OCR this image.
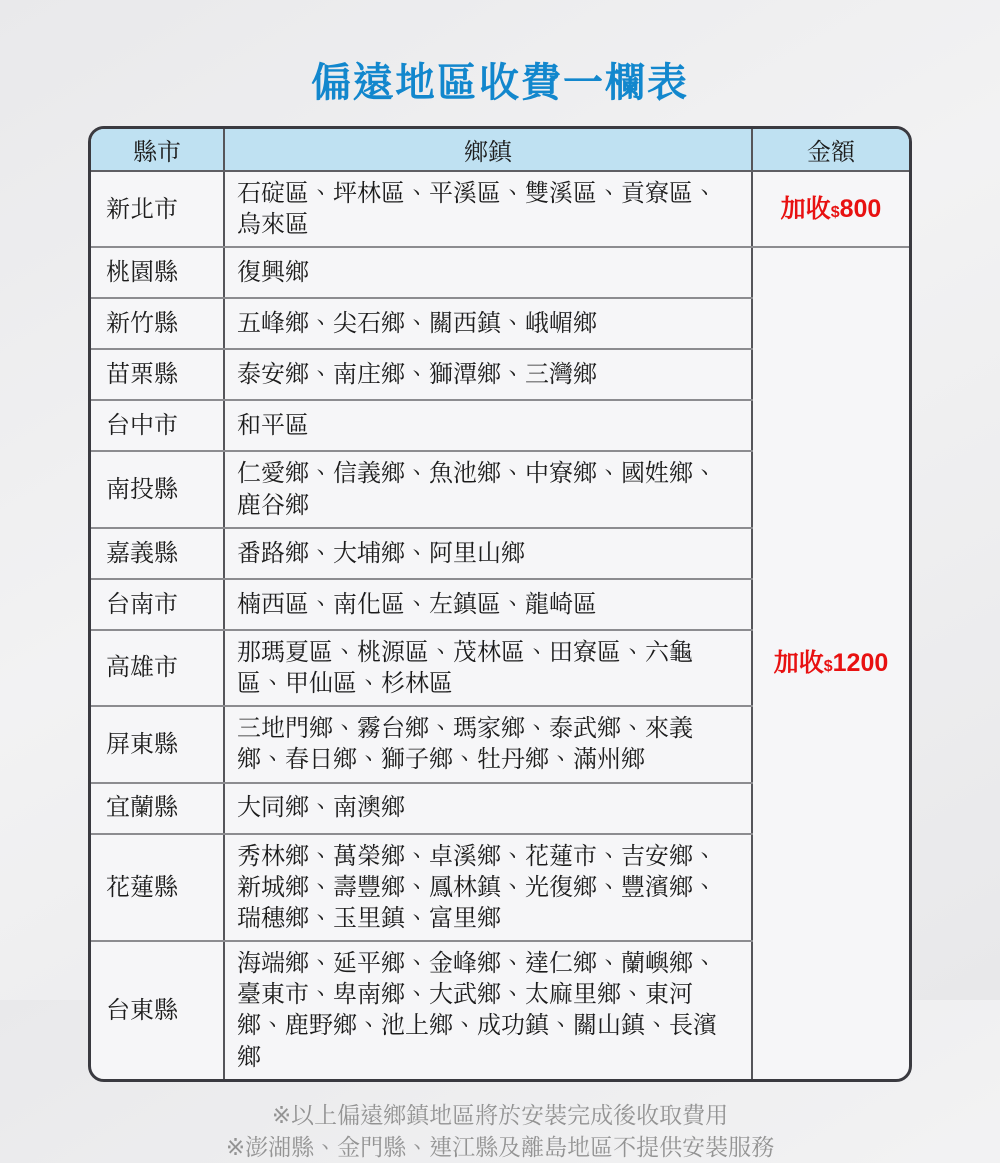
偏遠地區收費一欄表
縣市	鄉鎮	金額
新北市	石碇區、坪林區、平溪區、雙溪區、貢寮區、烏來區	加收$800
桃園縣	復興鄉	加收$1200
新竹縣	五峰鄉、尖石鄉、關西鎮、峨嵋鄉	
苗栗縣	泰安鄉、南庄鄉、獅潭鄉、三灣鄉	
台中市	和平區	
南投縣	仁愛鄉、信義鄉、魚池鄉、中寮鄉、國姓鄉、鹿谷鄉	
嘉義縣	番路鄉、大埔鄉、阿里山鄉	
台南市	楠西區、南化區、左鎮區、龍崎區	
高雄市	那瑪夏區、桃源區、茂林區、田寮區、六龜區、甲仙區、杉林區	
屏東縣	三地門鄉、霧台鄉、瑪家鄉、泰武鄉、來義鄉、春日鄉、獅子鄉、牡丹鄉、滿州鄉	
宜蘭縣	大同鄉、南澳鄉	
花蓮縣	秀林鄉、萬榮鄉、卓溪鄉、花蓮市、吉安鄉、新城鄉、壽豐鄉、鳳林鎮、光復鄉、豐濱鄉、瑞穗鄉、玉里鎮、富里鄉	
台東縣	海端鄉、延平鄉、金峰鄉、達仁鄉、蘭嶼鄉、臺東市、卑南鄉、大武鄉、太麻里鄉、東河鄉、鹿野鄉、池上鄉、成功鎮、關山鎮、長濱鄉	
※以上偏遠鄉鎮地區將於安裝完成後收取費用
※澎湖縣、金門縣、連江縣及離島地區不提供安裝服務
